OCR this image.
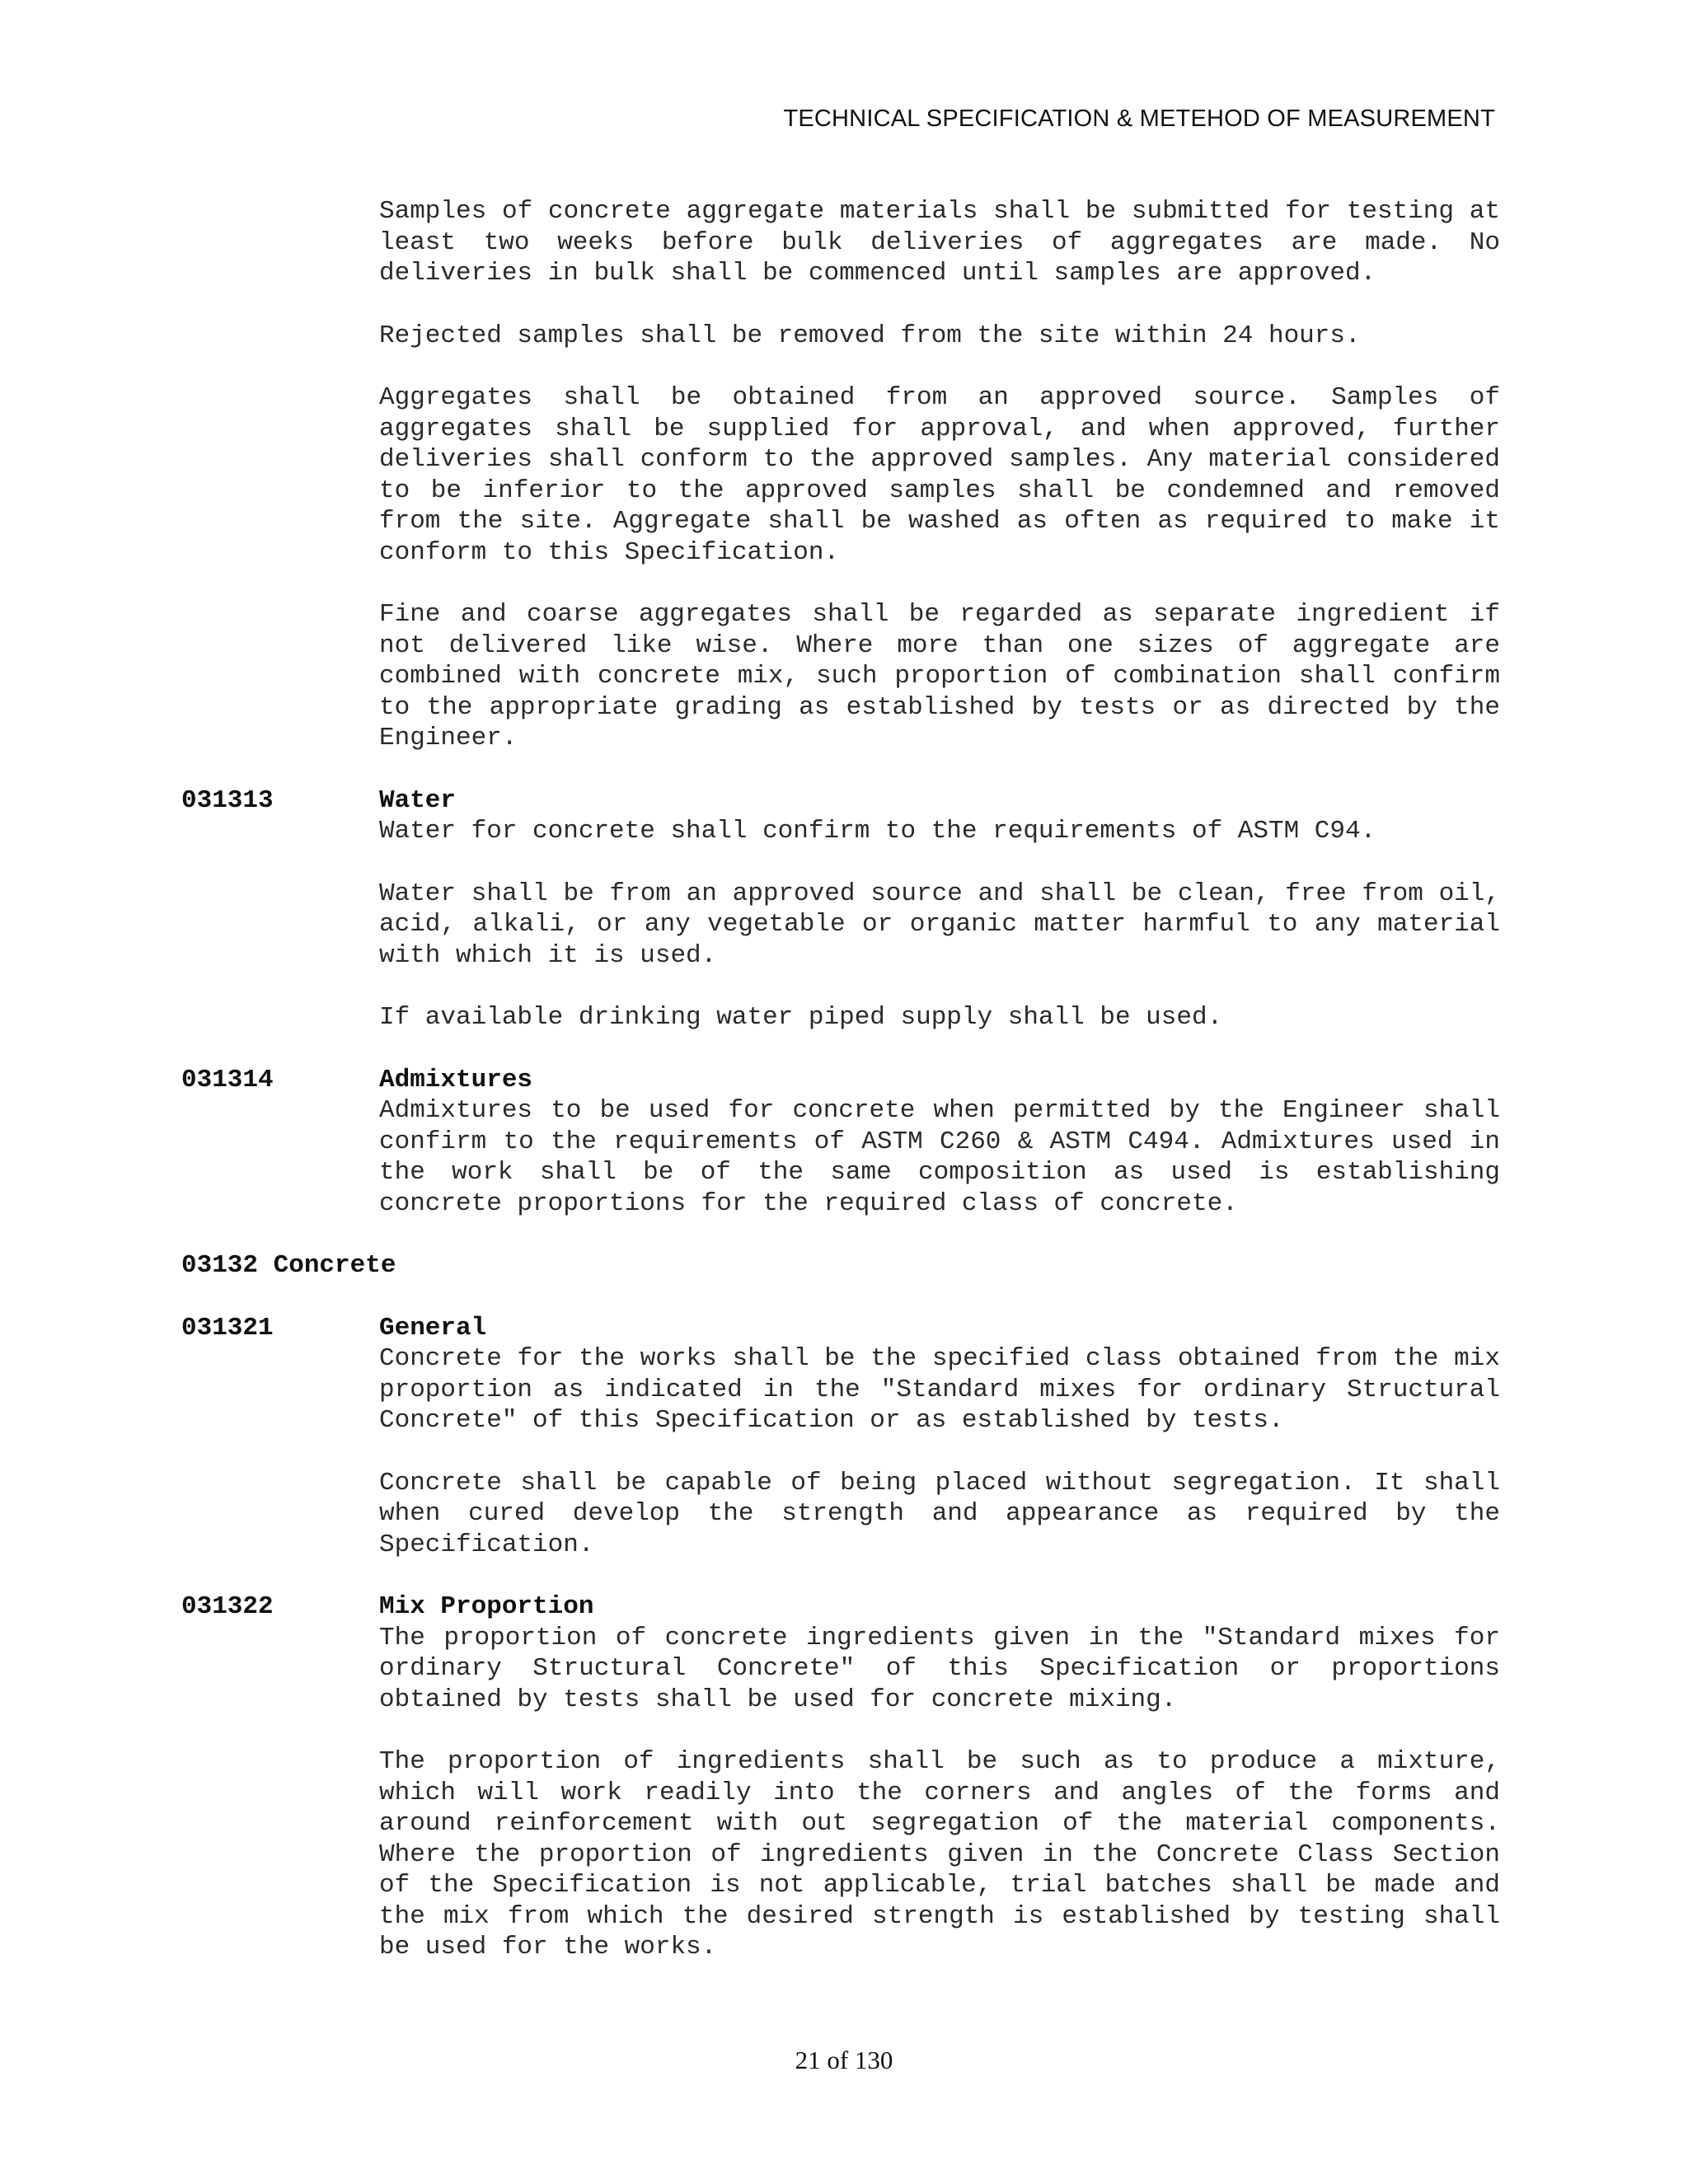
TECHNICAL SPECIFICATION & METEHOD OF MEASUREMENT
Samples of concrete aggregate materials shall be submitted for testing at least two weeks before bulk deliveries of aggregates are made. No deliveries in bulk shall be commenced until samples are approved.
Rejected samples shall be removed from the site within 24 hours.
Aggregates shall be obtained from an approved source. Samples of aggregates shall be supplied for approval, and when approved, further deliveries shall conform to the approved samples. Any material considered to be inferior to the approved samples shall be condemned and removed from the site. Aggregate shall be washed as often as required to make it conform to this Specification.
Fine and coarse aggregates shall be regarded as separate ingredient if not delivered like wise. Where more than one sizes of aggregate are combined with concrete mix, such proportion of combination shall confirm to the appropriate grading as established by tests or as directed by the Engineer.
031313	Water
Water for concrete shall confirm to the requirements of ASTM C94.
Water shall be from an approved source and shall be clean, free from oil, acid, alkali, or any vegetable or organic matter harmful to any material with which it is used.
If available drinking water piped supply shall be used.
031314	Admixtures
Admixtures to be used for concrete when permitted by the Engineer shall confirm to the requirements of ASTM C260 & ASTM C494. Admixtures used in the work shall be of the same composition as used is establishing concrete proportions for the required class of concrete.
03132 Concrete
031321	General
Concrete for the works shall be the specified class obtained from the mix proportion as indicated in the "Standard mixes for ordinary Structural Concrete" of this Specification or as established by tests.
Concrete shall be capable of being placed without segregation. It shall when cured develop the strength and appearance as required by the Specification.
031322	Mix Proportion
The proportion of concrete ingredients given in the "Standard mixes for ordinary Structural Concrete" of this Specification or proportions obtained by tests shall be used for concrete mixing.
The proportion of ingredients shall be such as to produce a mixture, which will work readily into the corners and angles of the forms and around reinforcement with out segregation of the material components. Where the proportion of ingredients given in the Concrete Class Section of the Specification is not applicable, trial batches shall be made and the mix from which the desired strength is established by testing shall be used for the works.
21 of 130
